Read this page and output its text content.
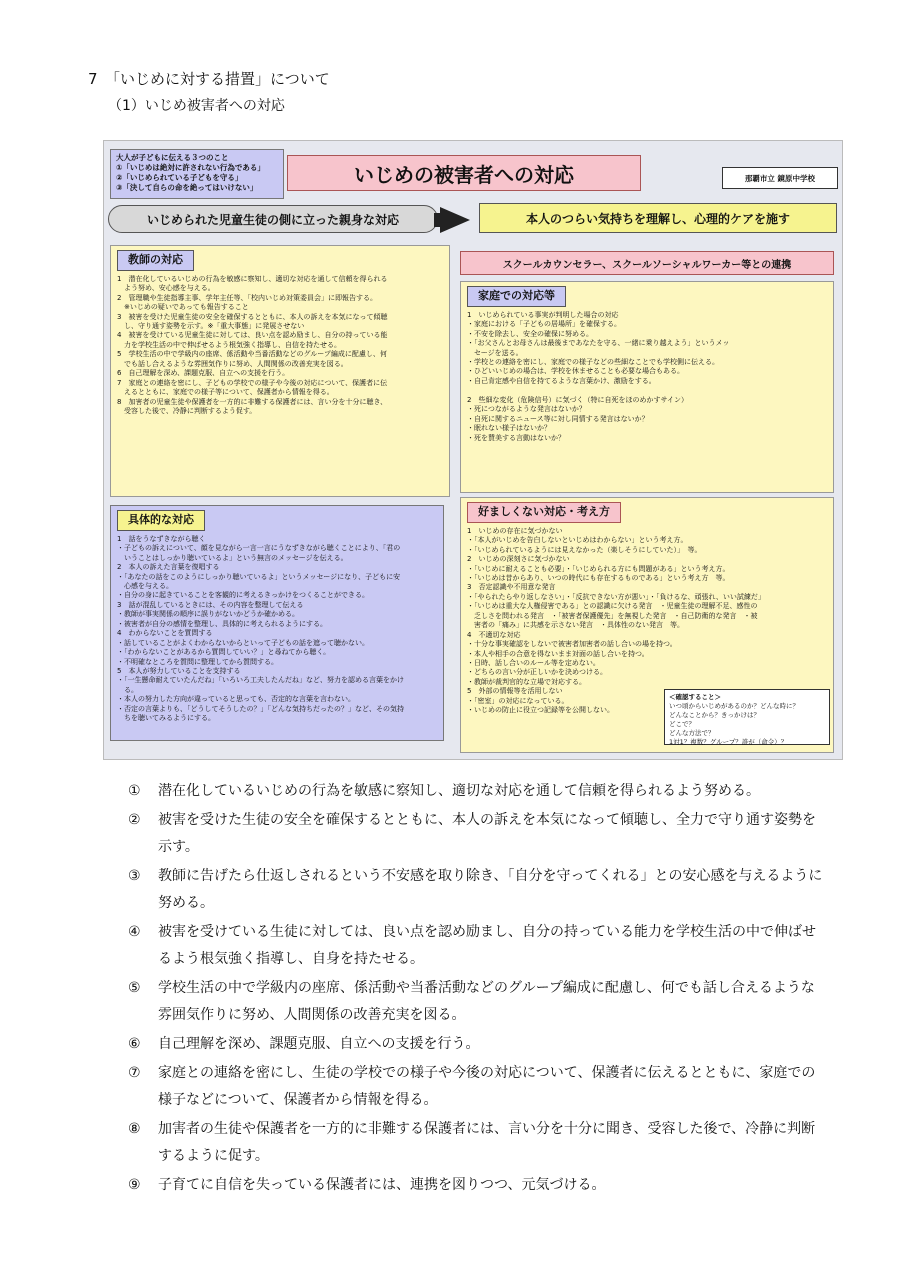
7　「いじめに対する措置」について
（1）いじめ被害者への対応
大人が子どもに伝える３つのこと
①「いじめは絶対に許されない行為である」
②「いじめられている子どもを守る」
③「決して自らの命を絶ってはいけない」
いじめの被害者への対応	那覇市立 鏡原中学校
いじめられた児童生徒の側に立った親身な対応	本人のつらい気持ちを理解し、心理的ケアを施す
教師の対応
1　潜在化しているいじめの行為を敏感に察知し、適切な対応を通して信頼を得られる
　よう努め、安心感を与える。
2　管理職や生徒指導主事、学年主任等、「校内いじめ対策委員会」に即報告する。
　※いじめの疑いであっても報告すること
3　被害を受けた児童生徒の安全を確保するとともに、本人の訴えを本気になって傾聴
　し、守り通す姿勢を示す。※「重大事態」に発展させない
4　被害を受けている児童生徒に対しては、良い点を認め励まし、自分の持っている能
　力を学校生活の中で伸ばせるよう根気強く指導し、自信を持たせる。
5　学校生活の中で学級内の座席、係活動や当番活動などのグループ編成に配慮し、何
　でも話し合えるような雰囲気作りに努め、人間関係の改善充実を図る。
6　自己理解を深め、課題克服、自立への支援を行う。
7　家庭との連絡を密にし、子どもの学校での様子や今後の対応について、保護者に伝
　えるとともに、家庭での様子等について、保護者から情報を得る。
8　加害者の児童生徒や保護者を一方的に非難する保護者には、言い分を十分に聴き、
　受容した後で、冷静に判断するよう促す。
具体的な対応
1　話をうなずきながら聴く
・子どもの訴えについて、顔を見ながら一言一言にうなずきながら聴くことにより、「君の
　いうことはしっかり聴いているよ」という無言のメッセージを伝える。
2　本人の訴えた言葉を復唱する
・「あなたの話をこのようにしっかり聴いているよ」というメッセージになり、子どもに安
　心感を与える。
・自分の身に起きていることを客観的に考えるきっかけをつくることができる。
3　話が混乱しているときには、その内容を整理して伝える
・教師が事実関係の順序に誤りがないかどうか確かめる。
・被害者が自分の感情を整理し、具体的に考えられるようにする。
4　わからないことを質問する
・話していることがよくわからないからといって子どもの話を遮って聴かない。
・「わからないことがあるから質問していい？」と尋ねてから聴く。
・不明確なところを質問に整理してから質問する。
5　本人が努力していることを支持する
・「一生懸命耐えていたんだね」「いろいろ工夫したんだね」など、努力を認める言葉をかけ
　る。
・本人の努力した方向が違っていると思っても、否定的な言葉を言わない。
・否定の言葉よりも、「どうしてそうしたの？」「どんな気持ちだったの？」など、その気持
　ちを聴いてみるようにする。
スクールカウンセラー、スクールソーシャルワーカー等との連携
家庭での対応等
1　いじめられている事実が判明した場合の対応
・家庭における「子どもの居場所」を確保する。
・不安を除去し、安全の確保に努める。
・「お父さんとお母さんは最後まであなたを守る、一緒に乗り越えよう」というメッ
　セージを送る。
・学校との連絡を密にし、家庭での様子などの些細なことでも学校側に伝える。
・ひどいいじめの場合は、学校を休ませることも必要な場合もある。
・自己肯定感や自信を持てるような言葉かけ、激励をする。

2　些細な変化（危険信号）に気づく（特に自死をほのめかすサイン）
・死につながるような発言はないか？
・自死に関するニュース等に対し同情する発言はないか？
・眠れない様子はないか？
・死を賛美する言動はないか？
好ましくない対応・考え方
1　いじめの存在に気づかない
・「本人がいじめを告白しないといじめはわからない」という考え方。
・「いじめられているようには見えなかった（楽しそうにしていた）」　等。
2　いじめの深刻さに気づかない
・「いじめに耐えることも必要」・「いじめられる方にも問題がある」という考え方。
・「いじめは昔からあり、いつの時代にも存在するものである」という考え方　等。
3　否定認識や不用意な発言
・「やられたらやり返しなさい」・「反抗できない方が悪い」・「負けるな、頑張れ、いい試練だ」
・「いじめは重大な人権侵害である」との認識に欠ける発言　・児童生徒の理解不足、感性の
　乏しさを問われる発言　・「被害者保護優先」を無視した発言　・自己防衛的な発言　・被
　害者の「痛み」に共感を示さない発言　・具体性のない発言　等。
4　不適切な対応
・十分な事実確認をしないで被害者加害者の話し合いの場を持つ。
・本人や相手の合意を得ないまま対面の話し合いを持つ。
・日時、話し合いのルール等を定めない。
・どちらの言い分が正しいかを決めつける。
・教師が裁判官的な立場で対応する。
5　外部の情報等を活用しない
・「密室」の対応になっている。
・いじめの防止に役立つ記録等を公開しない。
＜確認すること＞
いつ頃からいじめがあるのか？どんな時に？
どんなことから？きっかけは？
どこで？
どんな方法で？
1対1？複数？グループ？誰が（命令）？
①	潜在化しているいじめの行為を敏感に察知し、適切な対応を通して信頼を得られるよう努める。
②	被害を受けた生徒の安全を確保するとともに、本人の訴えを本気になって傾聴し、全力で守り通す姿勢を示す。
③	教師に告げたら仕返しされるという不安感を取り除き、「自分を守ってくれる」との安心感を与えるように努める。
④	被害を受けている生徒に対しては、良い点を認め励まし、自分の持っている能力を学校生活の中で伸ばせるよう根気強く指導し、自身を持たせる。
⑤	学校生活の中で学級内の座席、係活動や当番活動などのグループ編成に配慮し、何でも話し合えるような雰囲気作りに努め、人間関係の改善充実を図る。
⑥	自己理解を深め、課題克服、自立への支援を行う。
⑦	家庭との連絡を密にし、生徒の学校での様子や今後の対応について、保護者に伝えるとともに、家庭での様子などについて、保護者から情報を得る。
⑧	加害者の生徒や保護者を一方的に非難する保護者には、言い分を十分に聞き、受容した後で、冷静に判断するように促す。
⑨	子育てに自信を失っている保護者には、連携を図りつつ、元気づける。
